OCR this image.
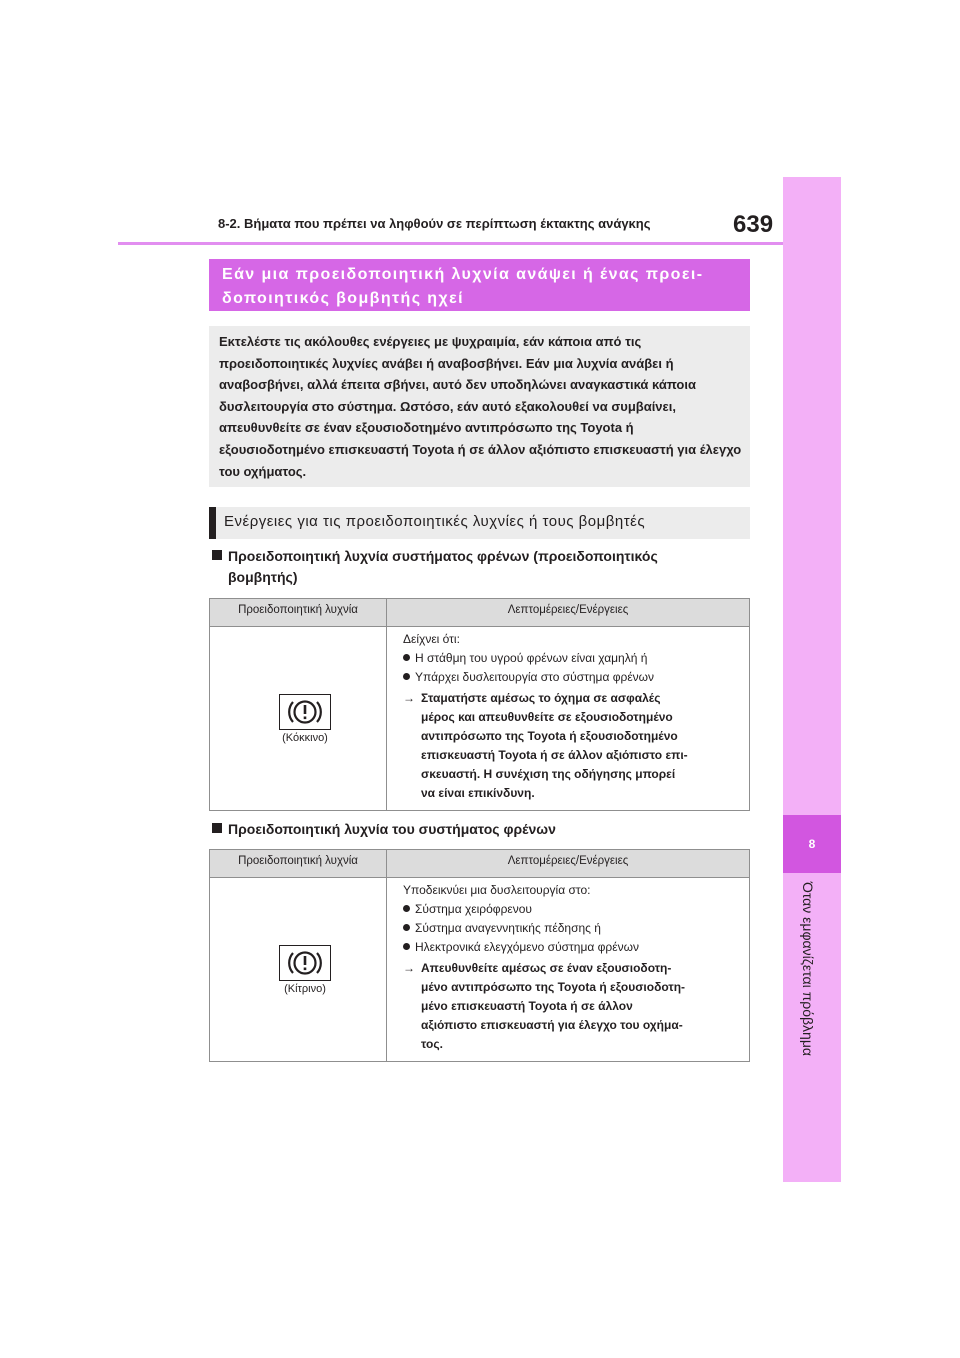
8-2. Βήματα που πρέπει να ληφθούν σε περίπτωση έκτακτης ανάγκης	639
8
Όταν εμφανίζεται πρόβλημα
Εάν μια προειδοποιητική λυχνία ανάψει ή ένας προει-
δοποιητικός βομβητής ηχεί
Εκτελέστε τις ακόλουθες ενέργειες με ψυχραιμία, εάν κάποια από τις προειδοποιητικές λυχνίες ανάβει ή αναβοσβήνει. Εάν μια λυχνία ανάβει ή αναβοσβήνει, αλλά έπειτα σβήνει, αυτό δεν υποδηλώνει αναγκαστικά κάποια δυσλειτουργία στο σύστημα. Ωστόσο, εάν αυτό εξακολουθεί να συμβαίνει, απευθυνθείτε σε έναν εξουσιοδοτημένο αντιπρόσωπο της Toyota ή εξουσιοδοτημένο επισκευαστή Toyota ή σε άλλον αξιόπιστο επισκευαστή για έλεγχο του οχήματος.
Ενέργειες για τις προειδοποιητικές λυχνίες ή τους βομβητές
Προειδοποιητική λυχνία συστήματος φρένων (προειδοποιητικός
βομβητής)
Προειδοποιητική λυχνία	Λεπτομέρειες/Ενέργειες
(Κόκκινο)
Δείχνει ότι:
Η στάθμη του υγρού φρένων είναι χαμηλή ή
Υπάρχει δυσλειτουργία στο σύστημα φρένων
→ Σταματήστε αμέσως το όχημα σε ασφαλές
μέρος και απευθυνθείτε σε εξουσιοδοτημένο
αντιπρόσωπο της Toyota ή εξουσιοδοτημένο
επισκευαστή Toyota ή σε άλλον αξιόπιστο επι-
σκευαστή. Η συνέχιση της οδήγησης μπορεί
να είναι επικίνδυνη.
Προειδοποιητική λυχνία του συστήματος φρένων
Προειδοποιητική λυχνία	Λεπτομέρειες/Ενέργειες
(Κίτρινο)
Υποδεικνύει μια δυσλειτουργία στο:
Σύστημα χειρόφρενου
Σύστημα αναγεννητικής πέδησης ή
Ηλεκτρονικά ελεγχόμενο σύστημα φρένων
→ Απευθυνθείτε αμέσως σε έναν εξουσιοδοτη-
μένο αντιπρόσωπο της Toyota ή εξουσιοδοτη-
μένο επισκευαστή Toyota ή σε άλλον
αξιόπιστο επισκευαστή για έλεγχο του οχήμα-
τος.
